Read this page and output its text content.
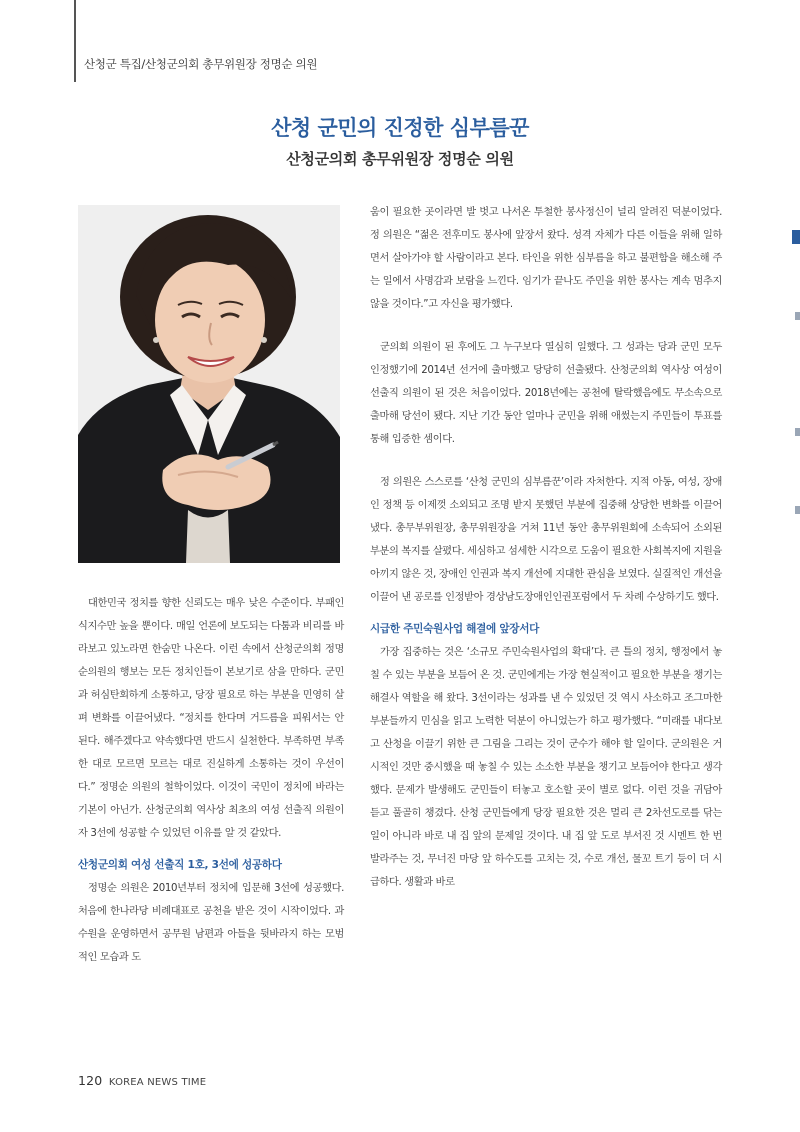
산청군 특집/산청군의회 총무위원장 정명순 의원
산청 군민의 진정한 심부름꾼
산청군의회 총무위원장 정명순 의원

대한민국 정치를 향한 신뢰도는 매우 낮은 수준이다. 부패인식지수만 높을 뿐이다. 매일 언론에 보도되는 다툼과 비리를 바라보고 있노라면 한숨만 나온다. 이런 속에서 산청군의회 정명순의원의 행보는 모든 정치인들이 본보기로 삼을 만하다. 군민과 허심탄회하게 소통하고, 당장 필요로 하는 부분을 민영히 살펴 변화를 이끌어냈다. “정치를 한다며 거드름을 피워서는 안 된다. 해주겠다고 약속했다면 반드시 실천한다. 부족하면 부족한 대로 모르면 모르는 대로 진실하게 소통하는 것이 우선이다.” 정명순 의원의 철학이었다. 이것이 국민이 정치에 바라는 기본이 아닌가. 산청군의회 역사상 최초의 여성 선출직 의원이자 3선에 성공할 수 있었던 이유를 알 것 같았다.

산청군의회 여성 선출직 1호, 3선에 성공하다

정명순 의원은 2010년부터 정치에 입문해 3선에 성공했다. 처음에 한나라당 비례대표로 공천을 받은 것이 시작이었다. 과수원을 운영하면서 공무원 남편과 아들을 뒷바라지 하는 모범적인 모습과 도

움이 필요한 곳이라면 발 벗고 나서온 투철한 봉사정신이 널리 알려진 덕분이었다. 정 의원은 “젊은 전후미도 봉사에 앞장서 왔다. 성격 자체가 다른 이들을 위해 일하면서 살아가야 할 사람이라고 본다. 타인을 위한 심부름을 하고 불편함을 해소해 주는 일에서 사명감과 보람을 느낀다. 임기가 끝나도 주민을 위한 봉사는 계속 멈추지 않을 것이다.”고 자신을 평가했다.

군의회 의원이 된 후에도 그 누구보다 열심히 일했다. 그 성과는 당과 군민 모두 인정했기에 2014년 선거에 출마했고 당당히 선출됐다. 산청군의회 역사상 여성이 선출직 의원이 된 것은 처음이었다. 2018년에는 공천에 탈락했음에도 무소속으로 출마해 당선이 됐다. 지난 기간 동안 얼마나 군민을 위해 애썼는지 주민들이 투표를 통해 입증한 셈이다.

정 의원은 스스로를 ‘산청 군민의 심부름꾼’이라 자처한다. 지적 아동, 여성, 장애인 정책 등 이제껏 소외되고 조명 받지 못했던 부분에 집중해 상당한 변화를 이끌어냈다. 총무부위원장, 총무위원장을 거쳐 11년 동안 총무위원회에 소속되어 소외된 부분의 복지를 살폈다. 세심하고 섬세한 시각으로 도움이 필요한 사회복지에 지원을 아끼지 않은 것, 장애인 인권과 복지 개선에 지대한 관심을 보였다. 실질적인 개선을 이끌어 낸 공로를 인정받아 경상남도장애인인권포럼에서 두 차례 수상하기도 했다.

시급한 주민숙원사업 해결에 앞장서다

가장 집중하는 것은 ‘소규모 주민숙원사업의 확대’다. 큰 틀의 정치, 행정에서 놓칠 수 있는 부분을 보듬어 온 것. 군민에게는 가장 현실적이고 필요한 부분을 챙기는 해결사 역할을 해 왔다. 3선이라는 성과를 낸 수 있었던 것 역시 사소하고 조그마한 부분들까지 민심을 읽고 노력한 덕분이 아니었는가 하고 평가했다. “미래를 내다보고 산청을 이끌기 위한 큰 그림을 그리는 것이 군수가 해야 할 일이다. 군의원은 거시적인 것만 중시했을 때 놓칠 수 있는 소소한 부분을 챙기고 보듬어야 한다고 생각했다. 문제가 발생해도 군민들이 터놓고 호소할 곳이 별로 없다. 이런 것을 귀담아 듣고 풀골히 챙겼다. 산청 군민들에게 당장 필요한 것은 멀리 큰 2차선도로를 닦는 일이 아니라 바로 내 집 앞의 문제일 것이다. 내 집 앞 도로 부서진 것 시멘트 한 번 발라주는 것, 무너진 마당 앞 하수도를 고치는 것, 수로 개선, 물꼬 트기 등이 더 시급하다. 생활과 바로

120 KOREA NEWS TIME
